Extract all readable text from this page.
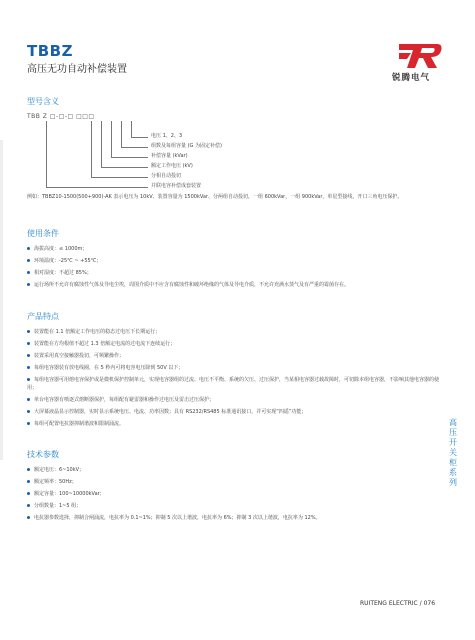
TBBZ
高压无功自动补偿装置
锐腾电气
型号含义
TBB Z □-□-□ □□□
电压 1、2、3
组数及每组容量 (G 为固定补偿)
补偿容量 (kVar)
额定工作电压 (kV)
分相自动投切
并联电容补偿成套装置
例如：TBBZ10-1500(500+900)-AK 表示电压为 10kV、装置容量为 1500kVar、分两组自动投切，一组 600kVar，一组 900kVar，单星型接线，开口三角电压保护。
使用条件
海拔高度：≤ 1000m；
环境温度：-25℃ ~ +55℃；
相对湿度：不超过 85%；
运行场所不允许有腐蚀性气体及导电尘埃，周围介质中不应含有腐蚀性和破坏绝缘的气体及导电介质，不允许充满水蒸气及有严重的霉菌存在。
产品特点
装置能在 1.1 倍额定工作电压的稳态过电压下长期运行；
装置能在方均根值不超过 1.3 倍额定电流的过电流下连续运行；
装置采用真空接触器投切，可频繁操作；
每组电容器装有放电线圈，在 5 秒内可将电容电压降到 50V 以下；
每组电容器可用熔电容保护或是微机保护控制单元，实现电容器组的过流、电压不平衡、系统的欠压、过压保护，当某相电容器过载故障时，可切除本组电容器，不影响其他电容器的使用；
单台电容器有喷逐式熔断器保护，每组配有避雷器和操作过电压及雷击过压保护；
大屏幕液晶显示控制器，实时显示系统电压、电流、功率因数；具有 RS232/RS485 标准通讯接口，并可实现“四遥”功能；
每组可配置电抗器抑制谐波和限制涌流。
技术参数
额定电压：6~10kV；
额定频率：50Hz；
额定容量：100~10000kVar；
分组数量：1~5 组；
电抗器参数选择，抑制合闸涌流，电抗率为 0.1~1%；抑制 5 次以上谐波，电抗率为 6%；抑制 3 次以上谐波，电抗率为 12%。
高压开关柜系列
RUITENG ELECTRIC / 076
